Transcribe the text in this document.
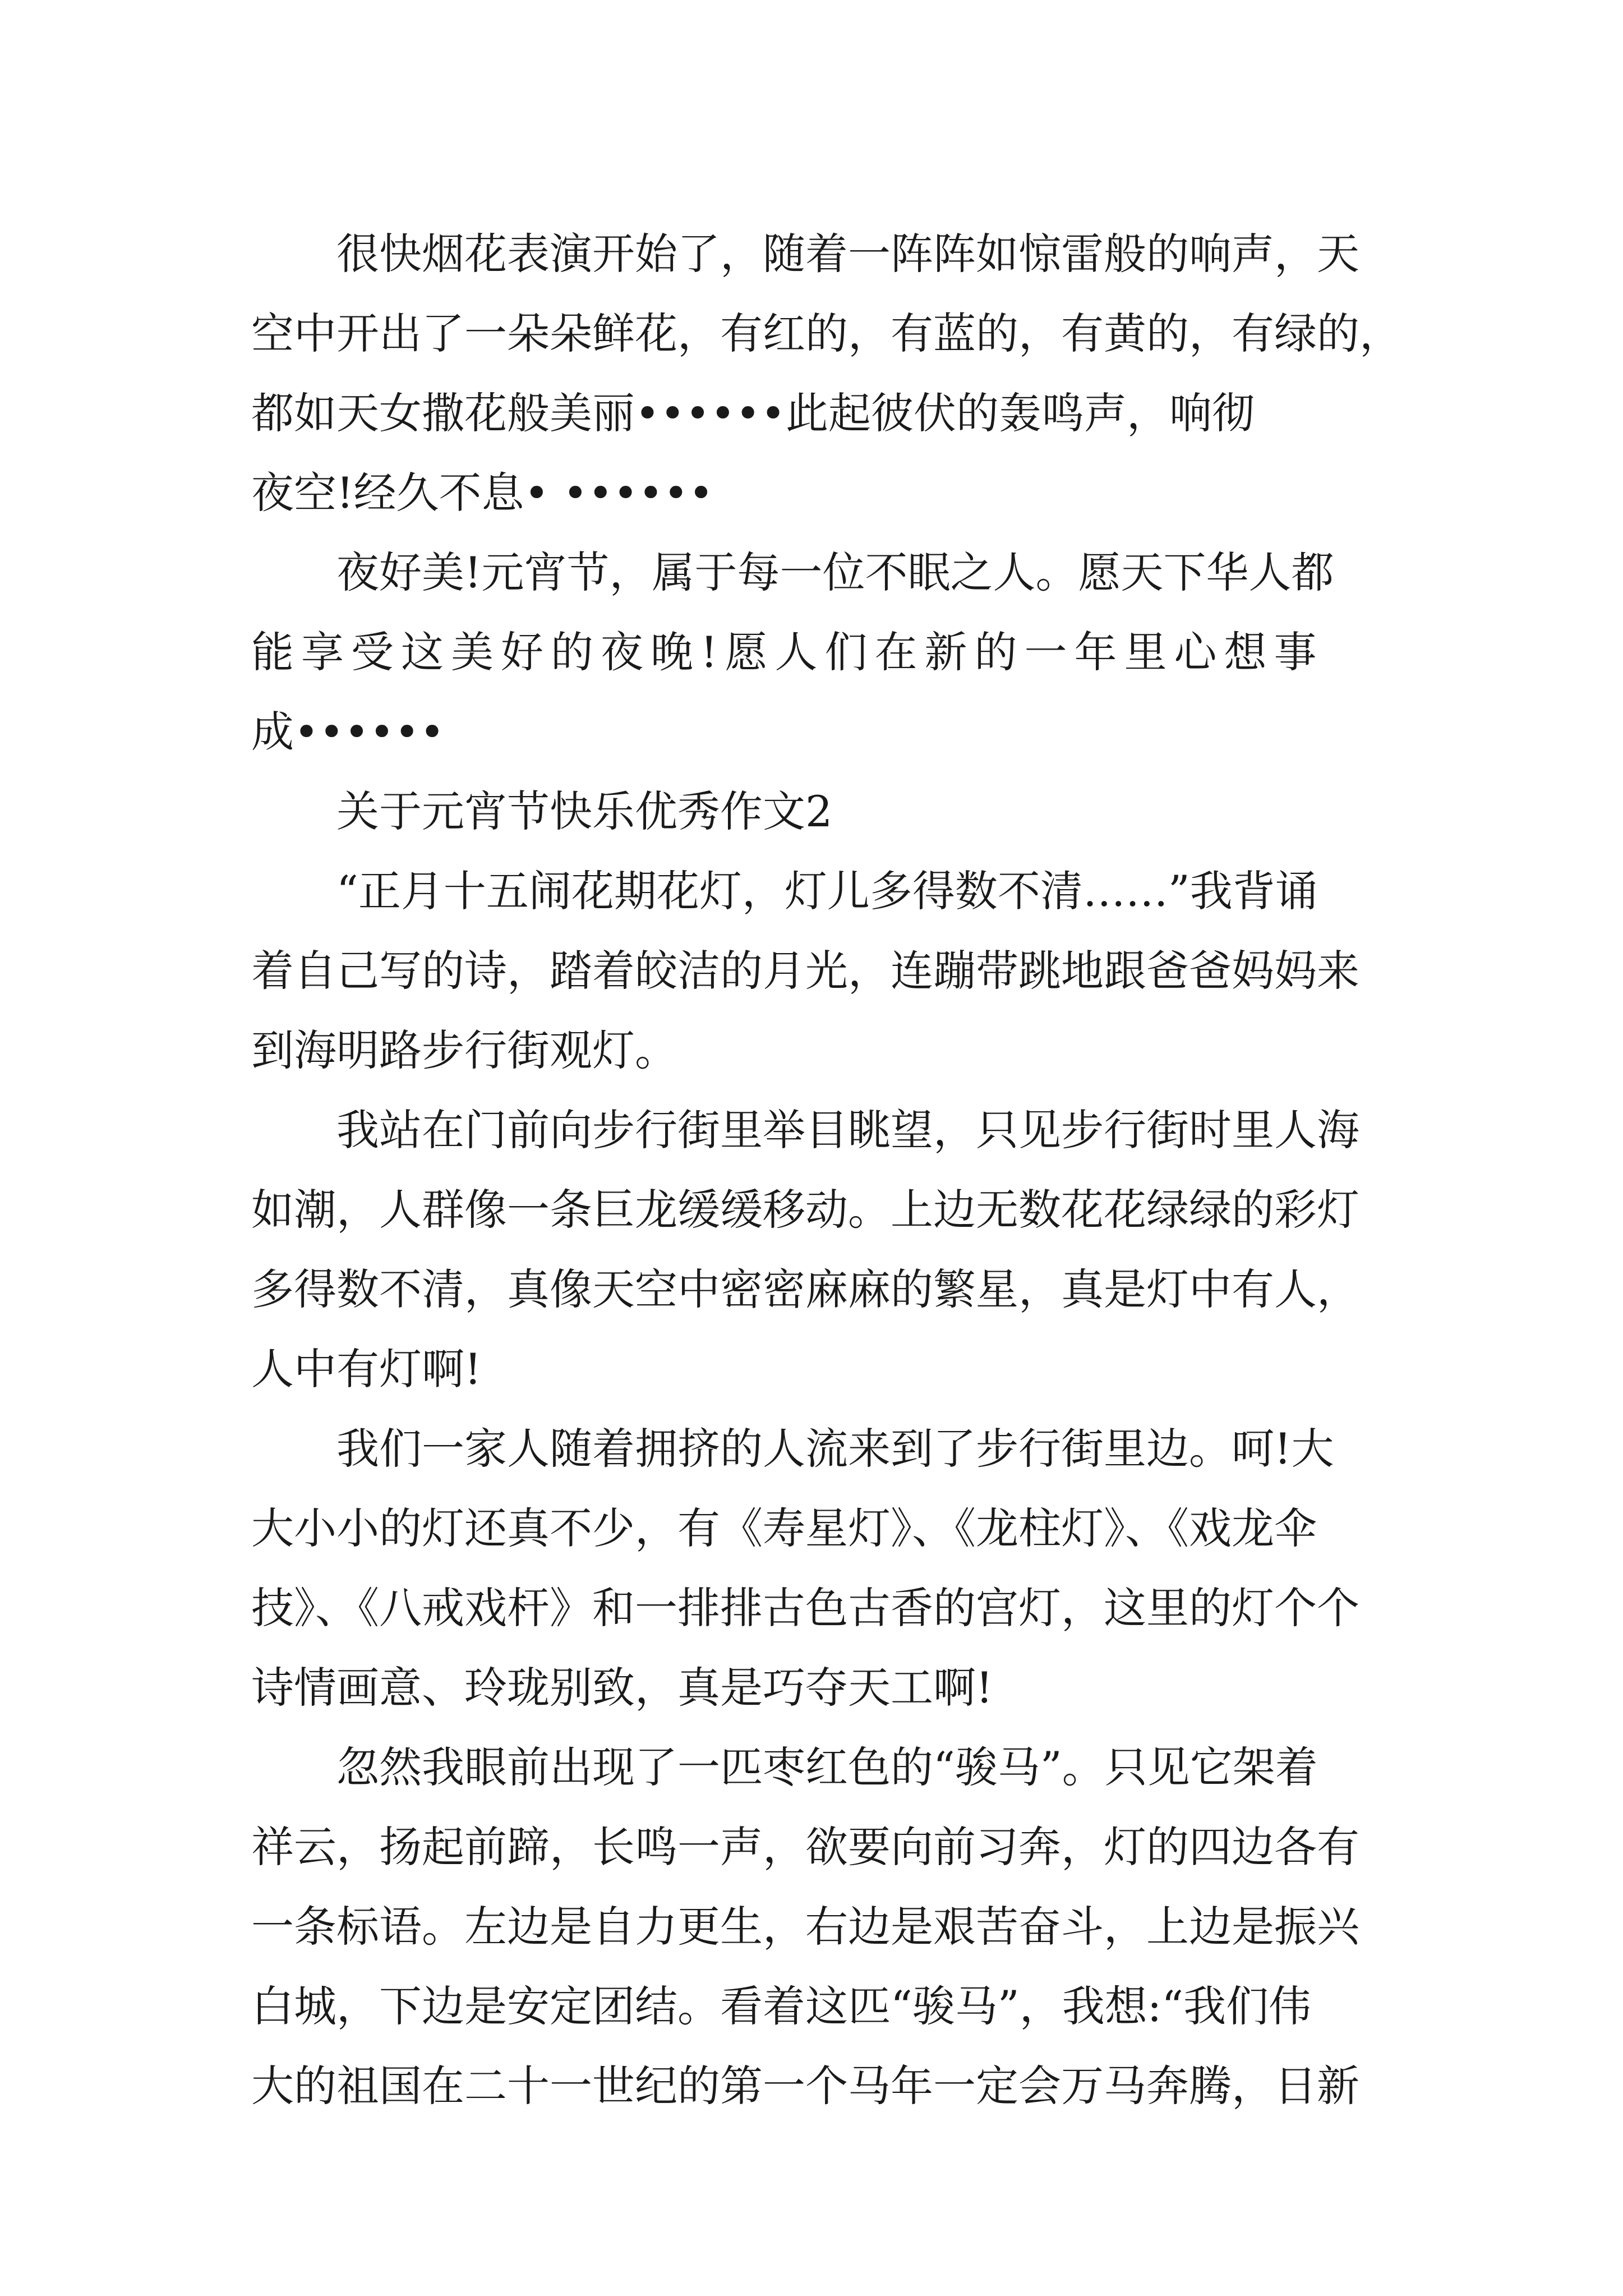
很快烟花表演开始了，随着一阵阵如惊雷般的响声，天
空中开出了一朵朵鲜花，有红的，有蓝的，有黄的，有绿的，
都如天女撒花般美丽••••••此起彼伏的轰鸣声，响彻
夜空!经久不息• ••••••

夜好美!元宵节，属于每一位不眠之人。愿天下华人都
能享受这美好的夜晚!愿人们在新的一年里心想事
成••••••

关于元宵节快乐优秀作文2

“正月十五闹花期花灯，灯儿多得数不清……”我背诵
着自己写的诗，踏着皎洁的月光，连蹦带跳地跟爸爸妈妈来
到海明路步行街观灯。

我站在门前向步行街里举目眺望，只见步行街时里人海
如潮，人群像一条巨龙缓缓移动。上边无数花花绿绿的彩灯
多得数不清，真像天空中密密麻麻的繁星，真是灯中有人，
人中有灯啊!

我们一家人随着拥挤的人流来到了步行街里边。呵!大
大小小的灯还真不少，有《寿星灯》、《龙柱灯》、《戏龙伞
技》、《八戒戏杆》和一排排古色古香的宫灯，这里的灯个个
诗情画意、玲珑别致，真是巧夺天工啊!

忽然我眼前出现了一匹枣红色的“骏马”。只见它架着
祥云，扬起前蹄，长鸣一声，欲要向前习奔，灯的四边各有
一条标语。左边是自力更生，右边是艰苦奋斗，上边是振兴
白城，下边是安定团结。看着这匹“骏马”，我想:“我们伟
大的祖国在二十一世纪的第一个马年一定会万马奔腾，日新
